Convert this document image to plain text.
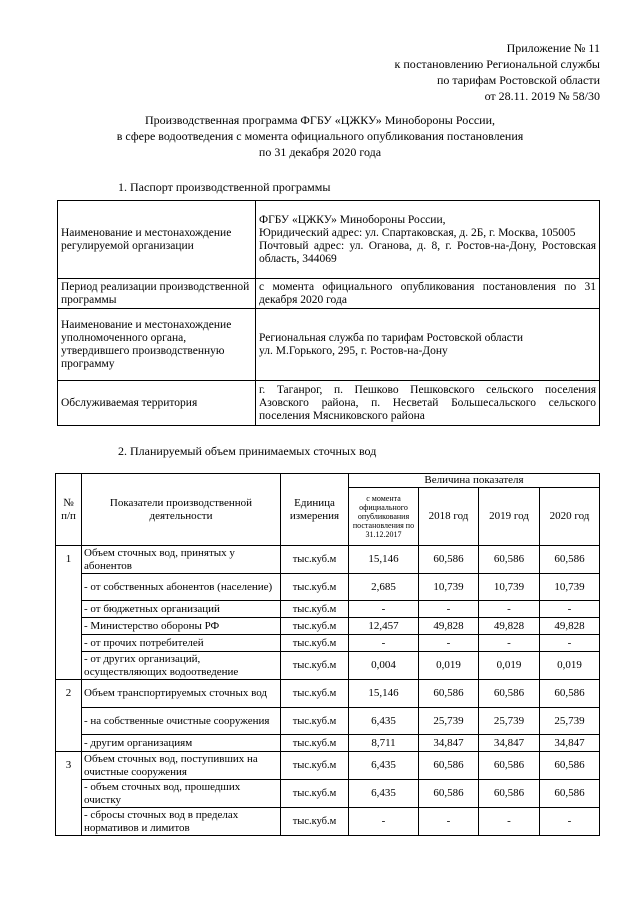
Приложение № 11
к постановлению Региональной службы
по тарифам Ростовской области
от 28.11. 2019 № 58/30
Производственная программа ФГБУ «ЦЖКУ» Минобороны России,
в сфере водоотведения с момента официального опубликования постановления
по 31 декабря 2020 года
1. Паспорт производственной программы
Наименование и местонахождение регулируемой организации	ФГБУ «ЦЖКУ» Минобороны России,
Юридический адрес: ул. Спартаковская, д. 2Б, г. Москва, 105005
Почтовый адрес: ул. Оганова, д. 8, г. Ростов-на-Дону, Ростовская область, 344069

Период реализации производственной программы	с момента официального опубликования постановления по 31 декабря 2020 года

Наименование и местонахождение уполномоченного органа, утвердившего производственную программу	Региональная служба по тарифам Ростовской области
ул. М.Горького, 295, г. Ростов-на-Дону

Обслуживаемая территория	г. Таганрог, п. Пешково Пешковского сельского поселения Азовского района, п. Несветай Большесальского сельского поселения Мясниковского района
2. Планируемый объем принимаемых сточных вод
№ п/п	Показатели производственной деятельности	Единица измерения	Величина показателя			
			с момента официального опубликования постановления по 31.12.2017	2018 год	2019 год	2020 год
1	Объем сточных вод, принятых у абонентов	тыс.куб.м	15,146	60,586	60,586	60,586
	- от собственных абонентов (население)	тыс.куб.м	2,685	10,739	10,739	10,739
	- от бюджетных организаций	тыс.куб.м	-	-	-	-
	- Министерство обороны РФ	тыс.куб.м	12,457	49,828	49,828	49,828
	- от прочих потребителей	тыс.куб.м	-	-	-	-
	- от других организаций, осуществляющих водоотведение	тыс.куб.м	0,004	0,019	0,019	0,019
2	Объем транспортируемых сточных вод	тыс.куб.м	15,146	60,586	60,586	60,586
	- на собственные очистные сооружения	тыс.куб.м	6,435	25,739	25,739	25,739
	- другим организациям	тыс.куб.м	8,711	34,847	34,847	34,847
3	Объем сточных вод, поступивших на очистные сооружения	тыс.куб.м	6,435	60,586	60,586	60,586
	- объем сточных вод, прошедших очистку	тыс.куб.м	6,435	60,586	60,586	60,586
	- сбросы сточных вод в пределах нормативов и лимитов	тыс.куб.м	-	-	-	-
